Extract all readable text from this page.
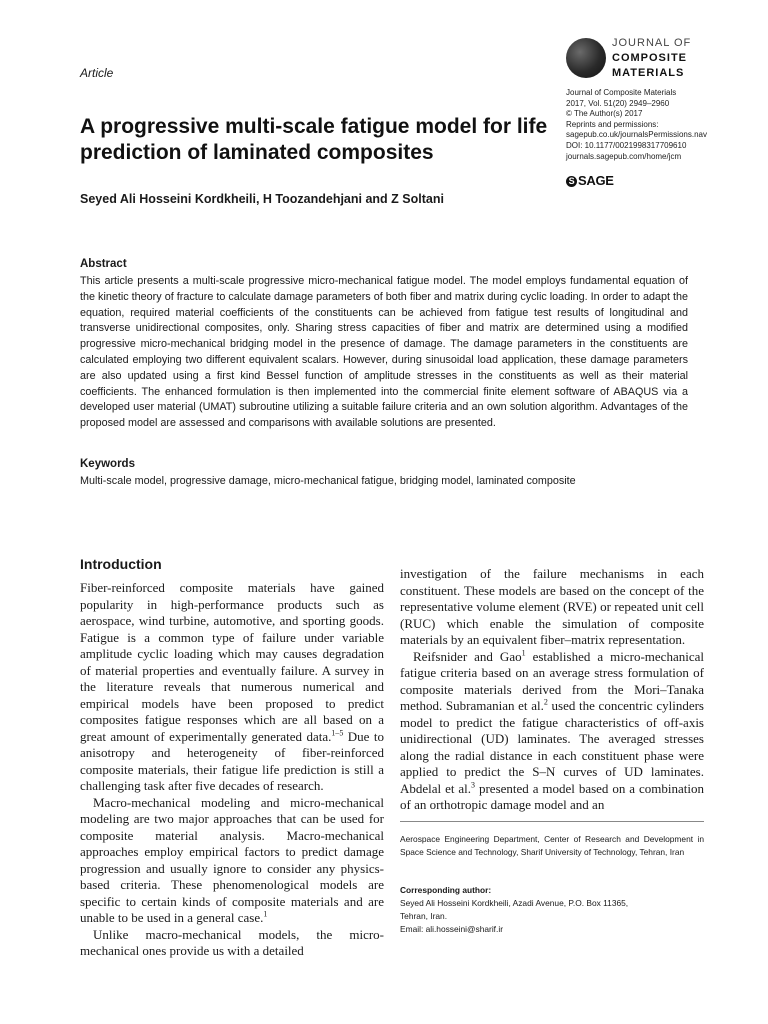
Article
JOURNAL OF
COMPOSITE
MATERIALS
Journal of Composite Materials
2017, Vol. 51(20) 2949–2960
© The Author(s) 2017
Reprints and permissions:
sagepub.co.uk/journalsPermissions.nav
DOI: 10.1177/0021998317709610
journals.sagepub.com/home/jcm
S SAGE
A progressive multi-scale fatigue model for life prediction of laminated composites
Seyed Ali Hosseini Kordkheili, H Toozandehjani and Z Soltani
Abstract

This article presents a multi-scale progressive micro-mechanical fatigue model. The model employs fundamental equation of the kinetic theory of fracture to calculate damage parameters of both fiber and matrix during cyclic loading. In order to adapt the equation, required material coefficients of the constituents can be achieved from fatigue test results of longitudinal and transverse unidirectional composites, only. Sharing stress capacities of fiber and matrix are determined using a modified progressive micro-mechanical bridging model in the presence of damage. The damage parameters in the constituents are calculated employing two different equivalent scalars. However, during sinusoidal load application, these damage parameters are also updated using a first kind Bessel function of amplitude stresses in the constituents as well as their material coefficients. The enhanced formulation is then implemented into the commercial finite element software of ABAQUS via a developed user material (UMAT) subroutine utilizing a suitable failure criteria and an own solution algorithm. Advantages of the proposed model are assessed and comparisons with available solutions are presented.

Keywords
Multi-scale model, progressive damage, micro-mechanical fatigue, bridging model, laminated composite
Introduction

Fiber-reinforced composite materials have gained popularity in high-performance products such as aerospace, wind turbine, automotive, and sporting goods. Fatigue is a common type of failure under variable amplitude cyclic loading which may causes degradation of material properties and eventually failure. A survey in the literature reveals that numerous numerical and empirical models have been proposed to predict composites fatigue responses which are all based on a great amount of experimentally generated data.$^{1-5}$ Due to anisotropy and heterogeneity of fiber-reinforced composite materials, their fatigue life prediction is still a challenging task after five decades of research.

Macro-mechanical modeling and micro-mechanical modeling are two major approaches that can be used for composite material analysis. Macro-mechanical approaches employ empirical factors to predict damage progression and usually ignore to consider any physics-based criteria. These phenomenological models are specific to certain kinds of composite materials and are unable to be used in a general case.$^1$

Unlike macro-mechanical models, the micro-mechanical ones provide us with a detailed

investigation of the failure mechanisms in each constituent. These models are based on the concept of the representative volume element (RVE) or repeated unit cell (RUC) which enable the simulation of composite materials by an equivalent fiber–matrix representation.

Reifsnider and Gao$^1$ established a micro-mechanical fatigue criteria based on an average stress formulation of composite materials derived from the Mori–Tanaka method. Subramanian et al.$^2$ used the concentric cylinders model to predict the fatigue characteristics of off-axis unidirectional (UD) laminates. The averaged stresses along the radial distance in each constituent phase were applied to predict the S–N curves of UD laminates. Abdelal et al.$^3$ presented a model based on a combination of an orthotropic damage model and an

Aerospace Engineering Department, Center of Research and Development in Space Science and Technology, Sharif University of Technology, Tehran, Iran
Corresponding author:
Seyed Ali Hosseini Kordkheili, Azadi Avenue, P.O. Box 11365,
Tehran, Iran.
Email: ali.hosseini@sharif.ir
